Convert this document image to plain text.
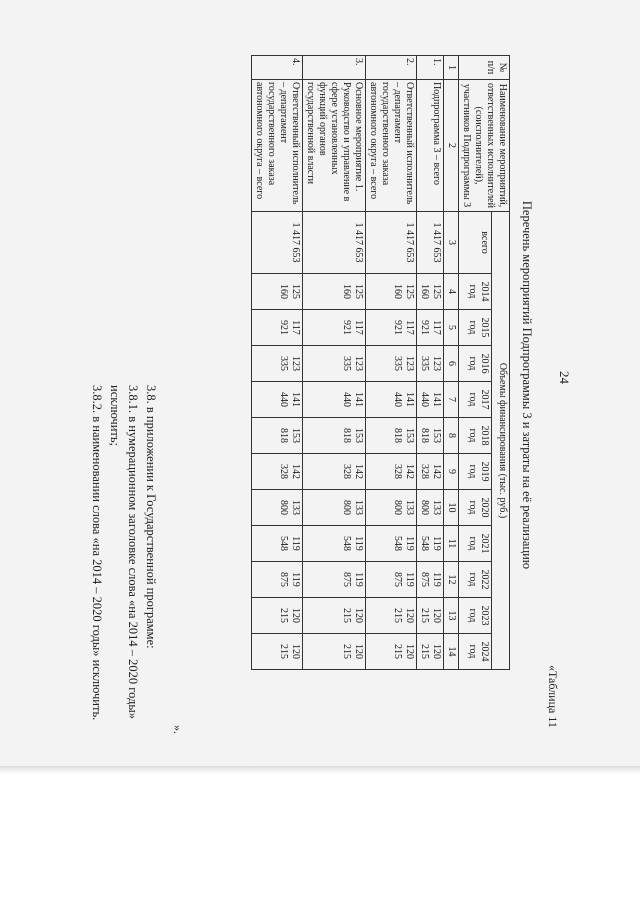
24
«Таблица 11
Перечень мероприятий Подпрограммы 3 и затраты на её реализацию
№ п/п	Наименование мероприятий, ответственных исполнителей (соисполнителей), участников Подпрограммы 3	Объемы финансирования (тыс. руб.)											
		всего	2014 год	2015 год	2016 год	2017 год	2018 год	2019 год	2020 год	2021 год	2022 год	2023 год	2024 год
1	2	3	4	5	6	7	8	9	10	11	12	13	14
1.	Подпрограмма 3 – всего	1 417 653	125 160	117 921	123 335	141 440	153 818	142 328	133 800	119 548	119 875	120 215	120 215
2.	Ответственный исполнитель – департамент государственного заказа автономного округа – всего	1 417 653	125 160	117 921	123 335	141 440	153 818	142 328	133 800	119 548	119 875	120 215	120 215
3.	Основное мероприятие 1. Руководство и управление в сфере установленных функций органов государственной власти	1 417 653	125 160	117 921	123 335	141 440	153 818	142 328	133 800	119 548	119 875	120 215	120 215
4.	Ответственный исполнитель – департамент государственного заказа автономного округа – всего	1 417 653	125 160	117 921	123 335	141 440	153 818	142 328	133 800	119 548	119 875	120 215	120 215
».
3.8. в приложении к Государственной программе:
3.8.1. в нумерационном заголовке слова «на 2014 – 2020 годы» исключить;
3.8.2. в наименовании слова «на 2014 – 2020 годы» исключить.
